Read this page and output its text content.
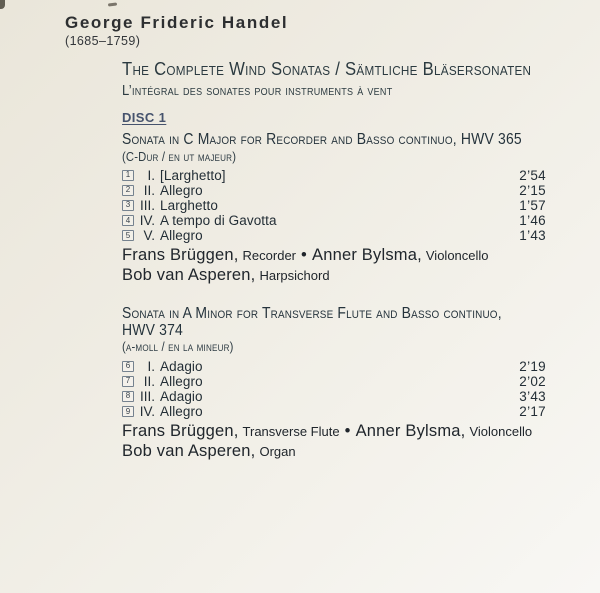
George Frideric Handel
(1685–1759)
The Complete Wind Sonatas / Sämtliche Bläsersonaten
L’intégral des sonates pour instruments à vent
DISC 1
Sonata in C Major for Recorder and Basso continuo, HWV 365
(C-Dur / en ut majeur)
1	I. [Larghetto]	2’54
2	II. Allegro	2’15
3 III. Larghetto	1’57
4 IV. A tempo di Gavotta	1’46
5 V. Allegro	1’43
Frans Brüggen, Recorder • Anner Bylsma, Violoncello
Bob van Asperen, Harpsichord
Sonata in A Minor for Transverse Flute and Basso continuo,
HWV 374
(a-moll / en la mineur)
6	I. Adagio	2’19
7	II. Allegro	2’02
8 III. Adagio	3’43
9 IV. Allegro	2’17
Frans Brüggen, Transverse Flute • Anner Bylsma, Violoncello
Bob van Asperen, Organ
